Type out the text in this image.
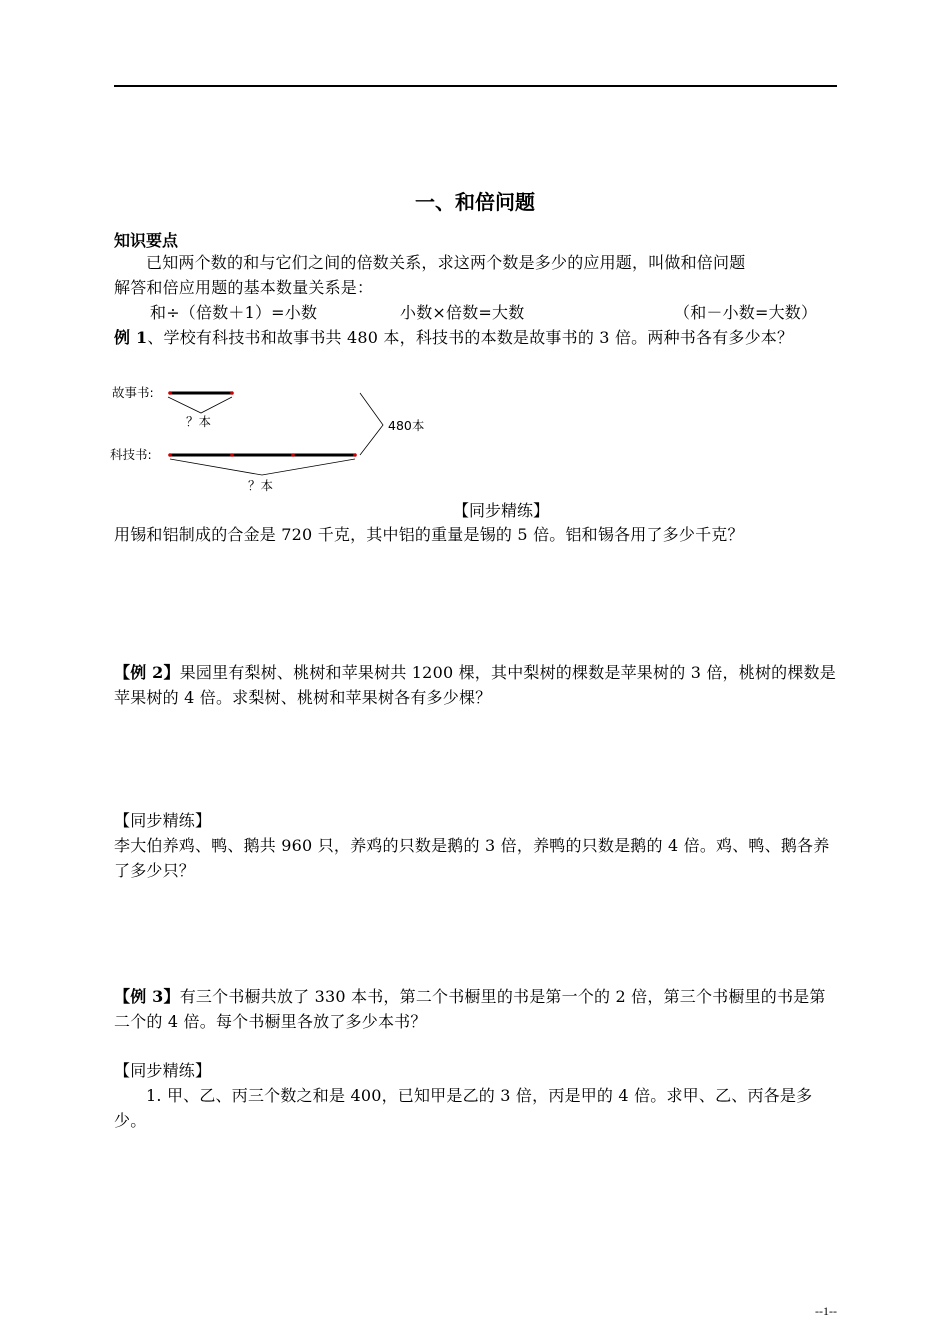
一、和倍问题
知识要点
已知两个数的和与它们之间的倍数关系，求这两个数是多少的应用题，叫做和倍问题
解答和倍应用题的基本数量关系是：
和÷（倍数＋1）=小数	小数×倍数=大数	（和－小数=大数）
例 1、学校有科技书和故事书共 480 本，科技书的本数是故事书的 3 倍。两种书各有多少本？
故事书:
？本
科技书:
？本
480本
【同步精练】
用锡和铝制成的合金是 720 千克，其中铝的重量是锡的 5 倍。铝和锡各用了多少千克？
【例 2】果园里有梨树、桃树和苹果树共 1200 棵，其中梨树的棵数是苹果树的 3 倍，桃树的棵数是苹果树的 4 倍。求梨树、桃树和苹果树各有多少棵？
【同步精练】
李大伯养鸡、鸭、鹅共 960 只，养鸡的只数是鹅的 3 倍，养鸭的只数是鹅的 4 倍。鸡、鸭、鹅各养了多少只？
【例 3】有三个书橱共放了 330 本书，第二个书橱里的书是第一个的 2 倍，第三个书橱里的书是第二个的 4 倍。每个书橱里各放了多少本书？
【同步精练】
1. 甲、乙、丙三个数之和是 400，已知甲是乙的 3 倍，丙是甲的 4 倍。求甲、乙、丙各是多少。
--1--
